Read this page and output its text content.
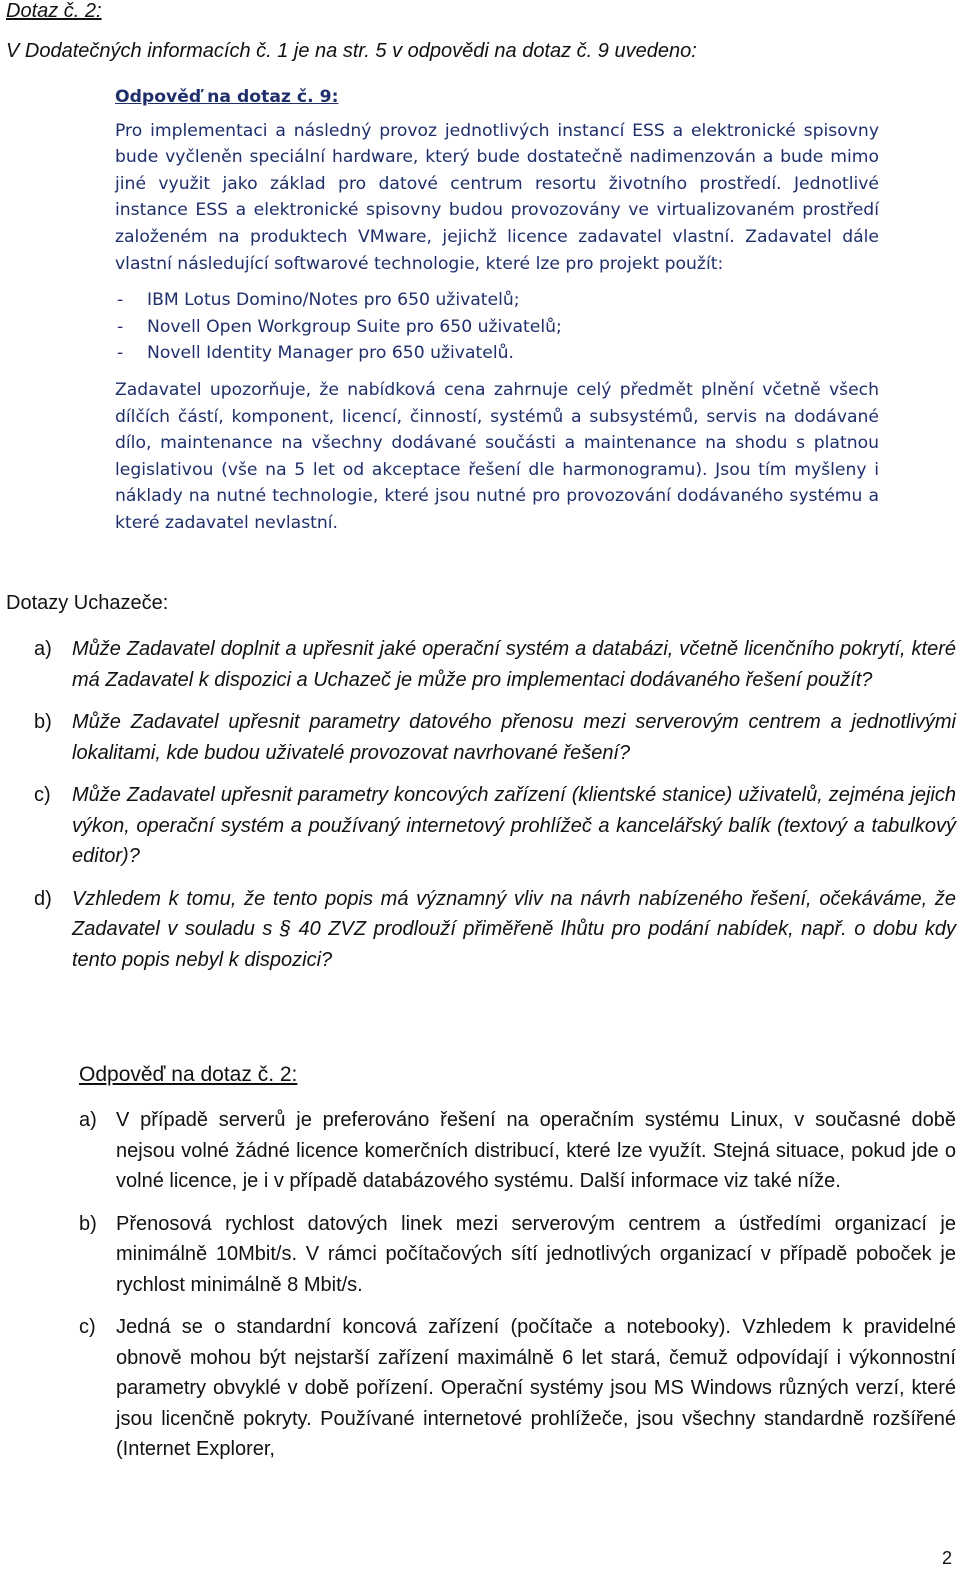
Dotaz č. 2:
V Dodatečných informacích č. 1 je na str. 5 v odpovědi na dotaz č. 9 uvedeno:
Odpověď na dotaz č. 9:

Pro implementaci a následný provoz jednotlivých instancí ESS a elektronické spisovny bude vyčleněn speciální hardware, který bude dostatečně nadimenzován a bude mimo jiné využit jako základ pro datové centrum resortu životního prostředí. Jednotlivé instance ESS a elektronické spisovny budou provozovány ve virtualizovaném prostředí založeném na produktech VMware, jejichž licence zadavatel vlastní. Zadavatel dále vlastní následující softwarové technologie, které lze pro projekt použít:

- IBM Lotus Domino/Notes pro 650 uživatelů;
- Novell Open Workgroup Suite pro 650 uživatelů;
- Novell Identity Manager pro 650 uživatelů.

Zadavatel upozorňuje, že nabídková cena zahrnuje celý předmět plnění včetně všech dílčích částí, komponent, licencí, činností, systémů a subsystémů, servis na dodávané dílo, maintenance na všechny dodávané součásti a maintenance na shodu s platnou legislativou (vše na 5 let od akceptace řešení dle harmonogramu). Jsou tím myšleny i náklady na nutné technologie, které jsou nutné pro provozování dodávaného systému a které zadavatel nevlastní.

Dotazy Uchazeče:
a) Může Zadavatel doplnit a upřesnit jaké operační systém a databázi, včetně licenčního pokrytí, které má Zadavatel k dispozici a Uchazeč je může pro implementaci dodávaného řešení použít?
b) Může Zadavatel upřesnit parametry datového přenosu mezi serverovým centrem a jednotlivými lokalitami, kde budou uživatelé provozovat navrhované řešení?
c) Může Zadavatel upřesnit parametry koncových zařízení (klientské stanice) uživatelů, zejména jejich výkon, operační systém a používaný internetový prohlížeč a kancelářský balík (textový a tabulkový editor)?
d) Vzhledem k tomu, že tento popis má významný vliv na návrh nabízeného řešení, očekáváme, že Zadavatel v souladu s § 40 ZVZ prodlouží přiměřeně lhůtu pro podání nabídek, např. o dobu kdy tento popis nebyl k dispozici?
Odpověď na dotaz č. 2:
a) V případě serverů je preferováno řešení na operačním systému Linux, v současné době nejsou volné žádné licence komerčních distribucí, které lze využít. Stejná situace, pokud jde o volné licence, je i v případě databázového systému. Další informace viz také níže.
b) Přenosová rychlost datových linek mezi serverovým centrem a ústředími organizací je minimálně 10Mbit/s. V rámci počítačových sítí jednotlivých organizací v případě poboček je rychlost minimálně 8 Mbit/s.
c) Jedná se o standardní koncová zařízení (počítače a notebooky). Vzhledem k pravidelné obnově mohou být nejstarší zařízení maximálně 6 let stará, čemuž odpovídají i výkonnostní parametry obvyklé v době pořízení. Operační systémy jsou MS Windows různých verzí, které jsou licenčně pokryty. Používané internetové prohlížeče, jsou všechny standardně rozšířené (Internet Explorer,
2
